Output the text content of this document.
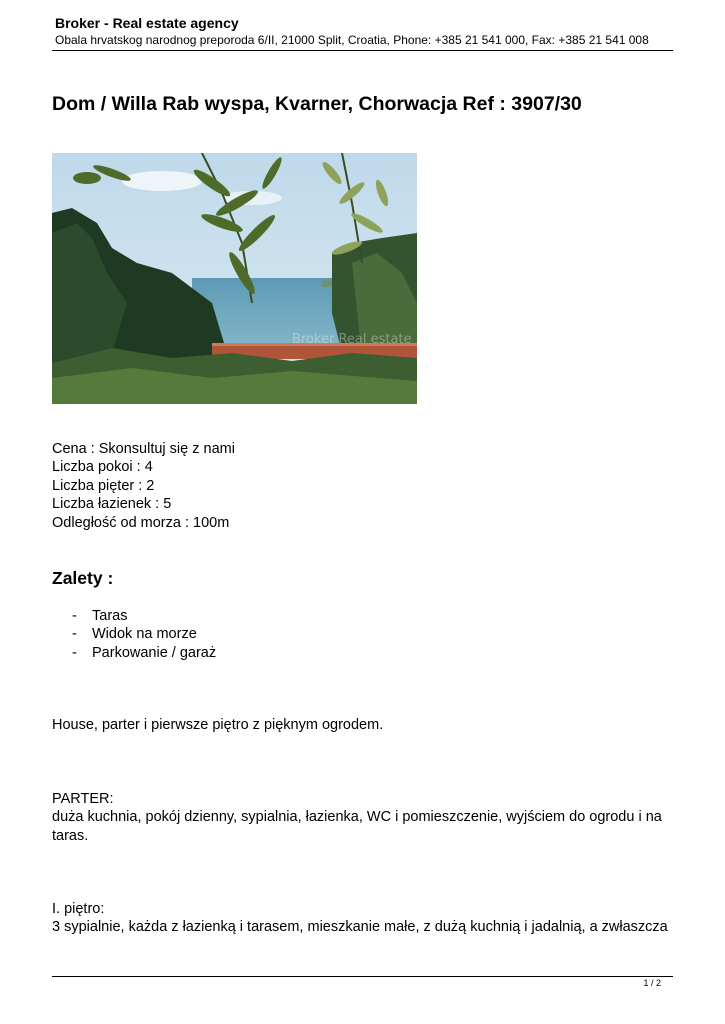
Broker - Real estate agency
Obala hrvatskog narodnog preporoda 6/II, 21000 Split, Croatia, Phone: +385 21 541 000, Fax: +385 21 541 008
Dom / Willa Rab wyspa, Kvarner, Chorwacja Ref : 3907/30
Broker Real estate
Cena : Skonsultuj się z nami
Liczba pokoi : 4
Liczba pięter : 2
Liczba łazienek : 5
Odległość od morza : 100m
Zalety :
-	Taras
-	Widok na morze
-	Parkowanie / garaż
House, parter i pierwsze piętro z pięknym ogrodem.
PARTER:
duża kuchnia, pokój dzienny, sypialnia, łazienka, WC i pomieszczenie, wyjściem do ogrodu i na taras.
I. piętro:
3 sypialnie, każda z łazienką i tarasem, mieszkanie małe, z dużą kuchnią i jadalnią, a zwłaszcza
1 / 2
